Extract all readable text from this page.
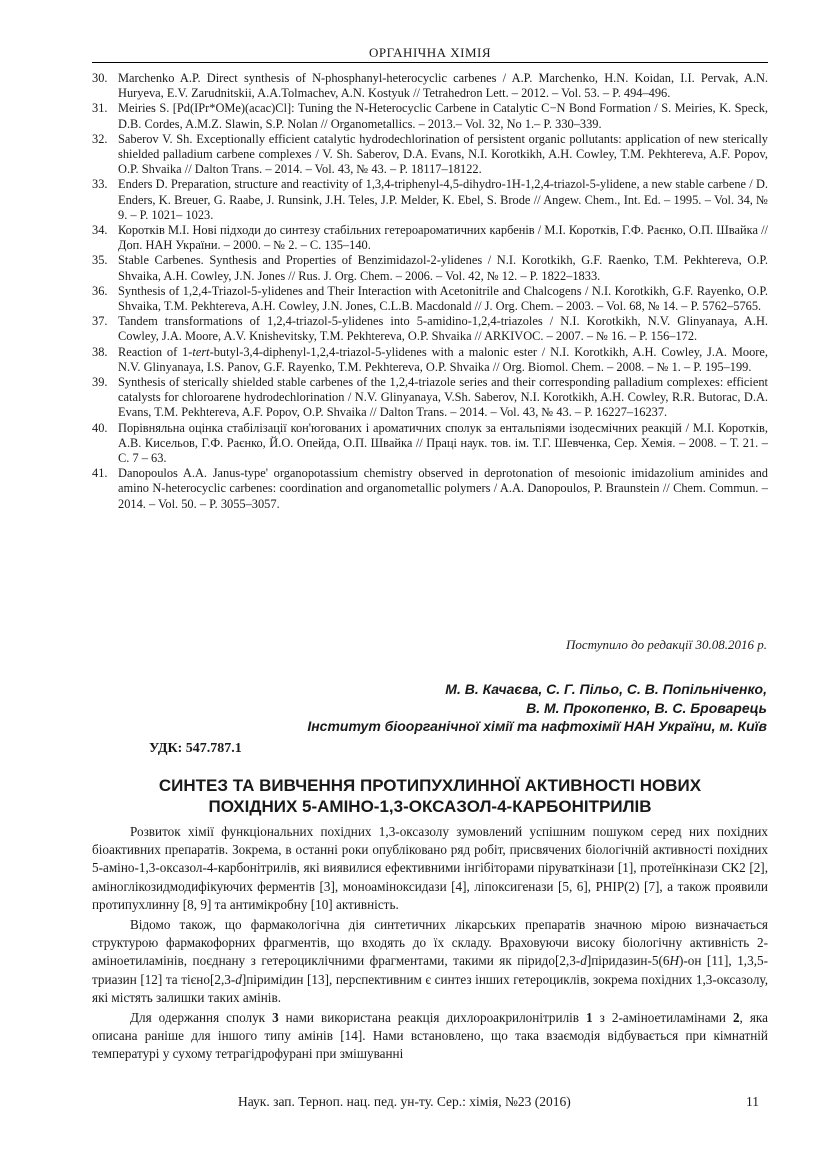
ОРГАНІЧНА ХІМІЯ
30. Marchenko A.P. Direct synthesis of N-phosphanyl-heterocyclic carbenes / A.P. Marchenko, H.N. Koidan, I.I. Pervak, A.N. Huryeva, E.V. Zarudnitskii, A.A.Tolmachev, A.N. Kostyuk // Tetrahedron Lett. – 2012. – Vol. 53. – P. 494–496.
31. Meiries S. [Pd(IPr*OMe)(acac)Cl]: Tuning the N-Heterocyclic Carbene in Catalytic C−N Bond Formation / S. Meiries, K. Speck, D.B. Cordes, A.M.Z. Slawin, S.P. Nolan // Organometallics. – 2013.– Vol. 32, No 1.– P. 330–339.
32. Saberov V. Sh. Exceptionally efficient catalytic hydrodechlorination of persistent organic pollutants: application of new sterically shielded palladium carbene complexes / V. Sh. Saberov, D.A. Evans, N.I. Korotkikh, A.H. Cowley, T.M. Pekhtereva, A.F. Popov, O.P. Shvaika // Dalton Trans. – 2014. – Vol. 43, № 43. – P. 18117–18122.
33. Enders D. Preparation, structure and reactivity of 1,3,4-triphenyl-4,5-dihydro-1H-1,2,4-triazol-5-ylidene, a new stable carbene / D. Enders, K. Breuer, G. Raabe, J. Runsink, J.H. Teles, J.P. Melder, K. Ebel, S. Brode // Angew. Chem., Int. Ed. – 1995. – Vol. 34, № 9. – P. 1021– 1023.
34. Коротків М.І. Нові підходи до синтезу стабільних гетероароматичних карбенів / М.І. Коротків, Г.Ф. Раєнко, О.П. Швайка // Доп. НАН України. – 2000. – № 2. – С. 135–140.
35. Stable Carbenes. Synthesis and Properties of Benzimidazol-2-ylidenes / N.I. Korotkikh, G.F. Raenko, T.M. Pekhtereva, O.P. Shvaika, A.H. Cowley, J.N. Jones // Rus. J. Org. Chem. – 2006. – Vol. 42, № 12. – P. 1822–1833.
36. Synthesis of 1,2,4-Triazol-5-ylidenes and Their Interaction with Acetonitrile and Chalcogens / N.I. Korotkikh, G.F. Rayenko, O.P. Shvaika, T.M. Pekhtereva, A.H. Cowley, J.N. Jones, C.L.B. Macdonald // J. Org. Chem. – 2003. – Vol. 68, № 14. – P. 5762–5765.
37. Tandem transformations of 1,2,4-triazol-5-ylidenes into 5-amidino-1,2,4-triazoles / N.I. Korotkikh, N.V. Glinyanaya, A.H. Cowley, J.A. Moore, A.V. Knishevitsky, T.M. Pekhtereva, O.P. Shvaika // ARKIVOC. – 2007. – № 16. – P. 156–172.
38. Reaction of 1-tert-butyl-3,4-diphenyl-1,2,4-triazol-5-ylidenes with a malonic ester / N.I. Korotkikh, A.H. Cowley, J.A. Moore, N.V. Glinyanaya, I.S. Panov, G.F. Rayenko, T.M. Pekhtereva, O.P. Shvaika // Org. Biomol. Chem. – 2008. – № 1. – P. 195–199.
39. Synthesis of sterically shielded stable carbenes of the 1,2,4-triazole series and their corresponding palladium complexes: efficient catalysts for chloroarene hydrodechlorination / N.V. Glinyanaya, V.Sh. Saberov, N.I. Korotkikh, A.H. Cowley, R.R. Butorac, D.A. Evans, T.M. Pekhtereva, A.F. Popov, O.P. Shvaika // Dalton Trans. – 2014. – Vol. 43, № 43. – P. 16227–16237.
40. Порівняльна оцінка стабілізації кон'югованих і ароматичних сполук за ентальпіями ізодесмічних реакцій / М.І. Коротків, А.В. Кисельов, Г.Ф. Раєнко, Й.О. Опейда, О.П. Швайка // Праці наук. тов. ім. Т.Г. Шевченка, Сер. Хемія. – 2008. – Т. 21. – С. 7 – 63.
41. Danopoulos A.A. Janus-type' organopotassium chemistry observed in deprotonation of mesoionic imidazolium aminides and amino N-heterocyclic carbenes: coordination and organometallic polymers / A.A. Danopoulos, P. Braunstein // Chem. Commun. – 2014. – Vol. 50. – P. 3055–3057.
Поступило до редакції 30.08.2016 р.
М. В. Качаєва, С. Г. Пільо, С. В. Попільніченко,
В. М. Прокопенко, В. С. Броварець
Інститут біоорганічної хімії та нафтохімії НАН України, м. Київ
УДК: 547.787.1
СИНТЕЗ ТА ВИВЧЕННЯ ПРОТИПУХЛИННОЇ АКТИВНОСТІ НОВИХ
ПОХІДНИХ 5-АМІНО-1,3-ОКСАЗОЛ-4-КАРБОНІТРИЛІВ

Розвиток хімії функціональних похідних 1,3-оксазолу зумовлений успішним пошуком серед них похідних біоактивних препаратів. Зокрема, в останні роки опубліковано ряд робіт, присвячених біологічній активності похідних 5-аміно-1,3-оксазол-4-карбонітрилів, які виявилися ефективними інгібіторами піруваткінази [1], протеїнкінази СК2 [2], аміноглікозидмодифікуючих ферментів [3], моноаміноксидази [4], ліпоксигенази [5, 6], PHIP(2) [7], а також проявили протипухлинну [8, 9] та антимікробну [10] активність.

Відомо також, що фармакологічна дія синтетичних лікарських препаратів значною мірою визначається структурою фармакофорних фрагментів, що входять до їх складу. Враховуючи високу біологічну активність 2-аміноетиламінів, поєднану з гетероциклічними фрагментами, такими як піридо[2,3-d]піридазин-5(6H)-он [11], 1,3,5-триазин [12] та тієно[2,3-d]піримідин [13], перспективним є синтез інших гетероциклів, зокрема похідних 1,3-оксазолу, які містять залишки таких амінів.

Для одержання сполук 3 нами використана реакція дихлороакрилонітрилів 1 з 2-аміноетиламінами 2, яка описана раніше для іншого типу амінів [14]. Нами встановлено, що така взаємодія відбувається при кімнатній температурі у сухому тетрагідрофурані при змішуванні

Наук. зап. Терноп. нац. пед. ун-ту. Сер.: хімія, №23 (2016)	11
